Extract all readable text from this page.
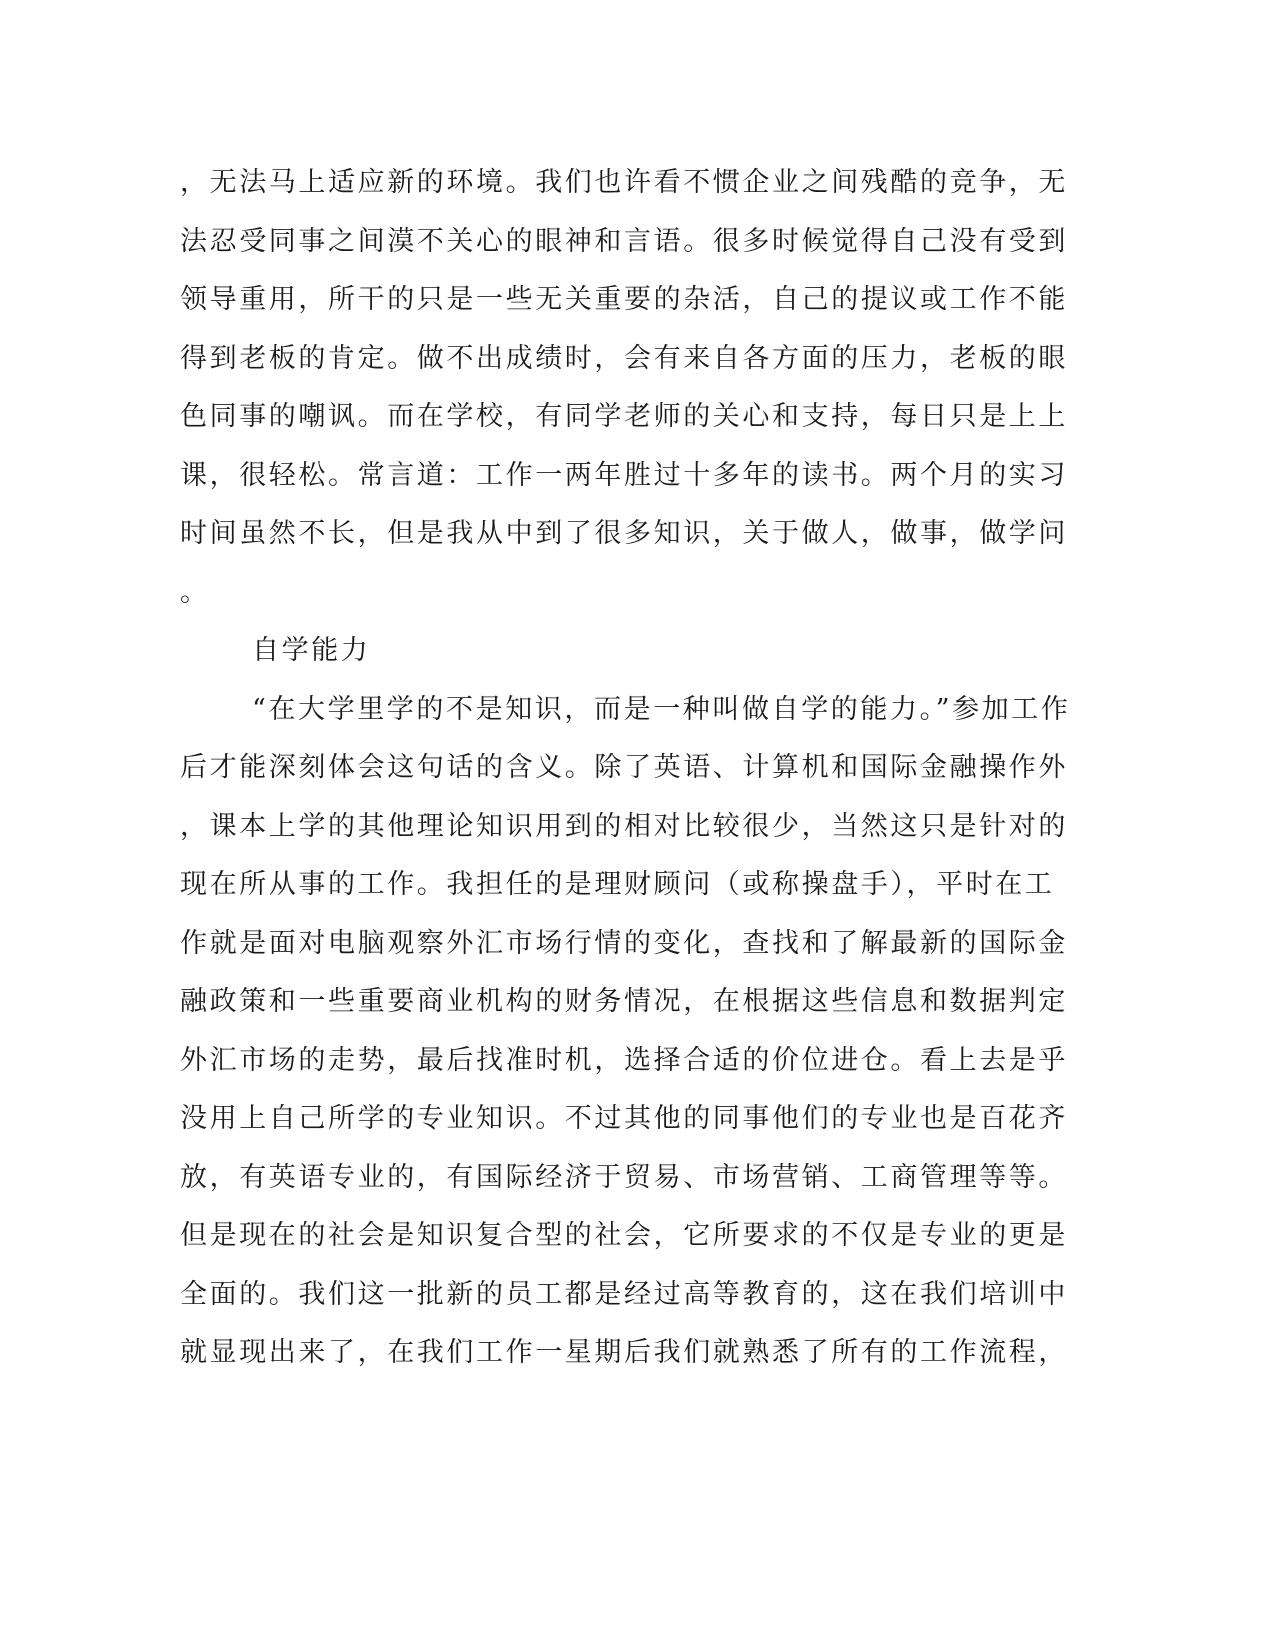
，无法马上适应新的环境。我们也许看不惯企业之间残酷的竞争，无
法忍受同事之间漠不关心的眼神和言语。很多时候觉得自己没有受到
领导重用，所干的只是一些无关重要的杂活，自己的提议或工作不能
得到老板的肯定。做不出成绩时，会有来自各方面的压力，老板的眼
色同事的嘲讽。而在学校，有同学老师的关心和支持，每日只是上上
课，很轻松。常言道：工作一两年胜过十多年的读书。两个月的实习
时间虽然不长，但是我从中到了很多知识，关于做人，做事，做学问
。
自学能力
“在大学里学的不是知识，而是一种叫做自学的能力。”参加工作
后才能深刻体会这句话的含义。除了英语、计算机和国际金融操作外
，课本上学的其他理论知识用到的相对比较很少，当然这只是针对的
现在所从事的工作。我担任的是理财顾问（或称操盘手），平时在工
作就是面对电脑观察外汇市场行情的变化，查找和了解最新的国际金
融政策和一些重要商业机构的财务情况，在根据这些信息和数据判定
外汇市场的走势，最后找准时机，选择合适的价位进仓。看上去是乎
没用上自己所学的专业知识。不过其他的同事他们的专业也是百花齐
放，有英语专业的，有国际经济于贸易、市场营销、工商管理等等。
但是现在的社会是知识复合型的社会，它所要求的不仅是专业的更是
全面的。我们这一批新的员工都是经过高等教育的，这在我们培训中
就显现出来了，在我们工作一星期后我们就熟悉了所有的工作流程，
